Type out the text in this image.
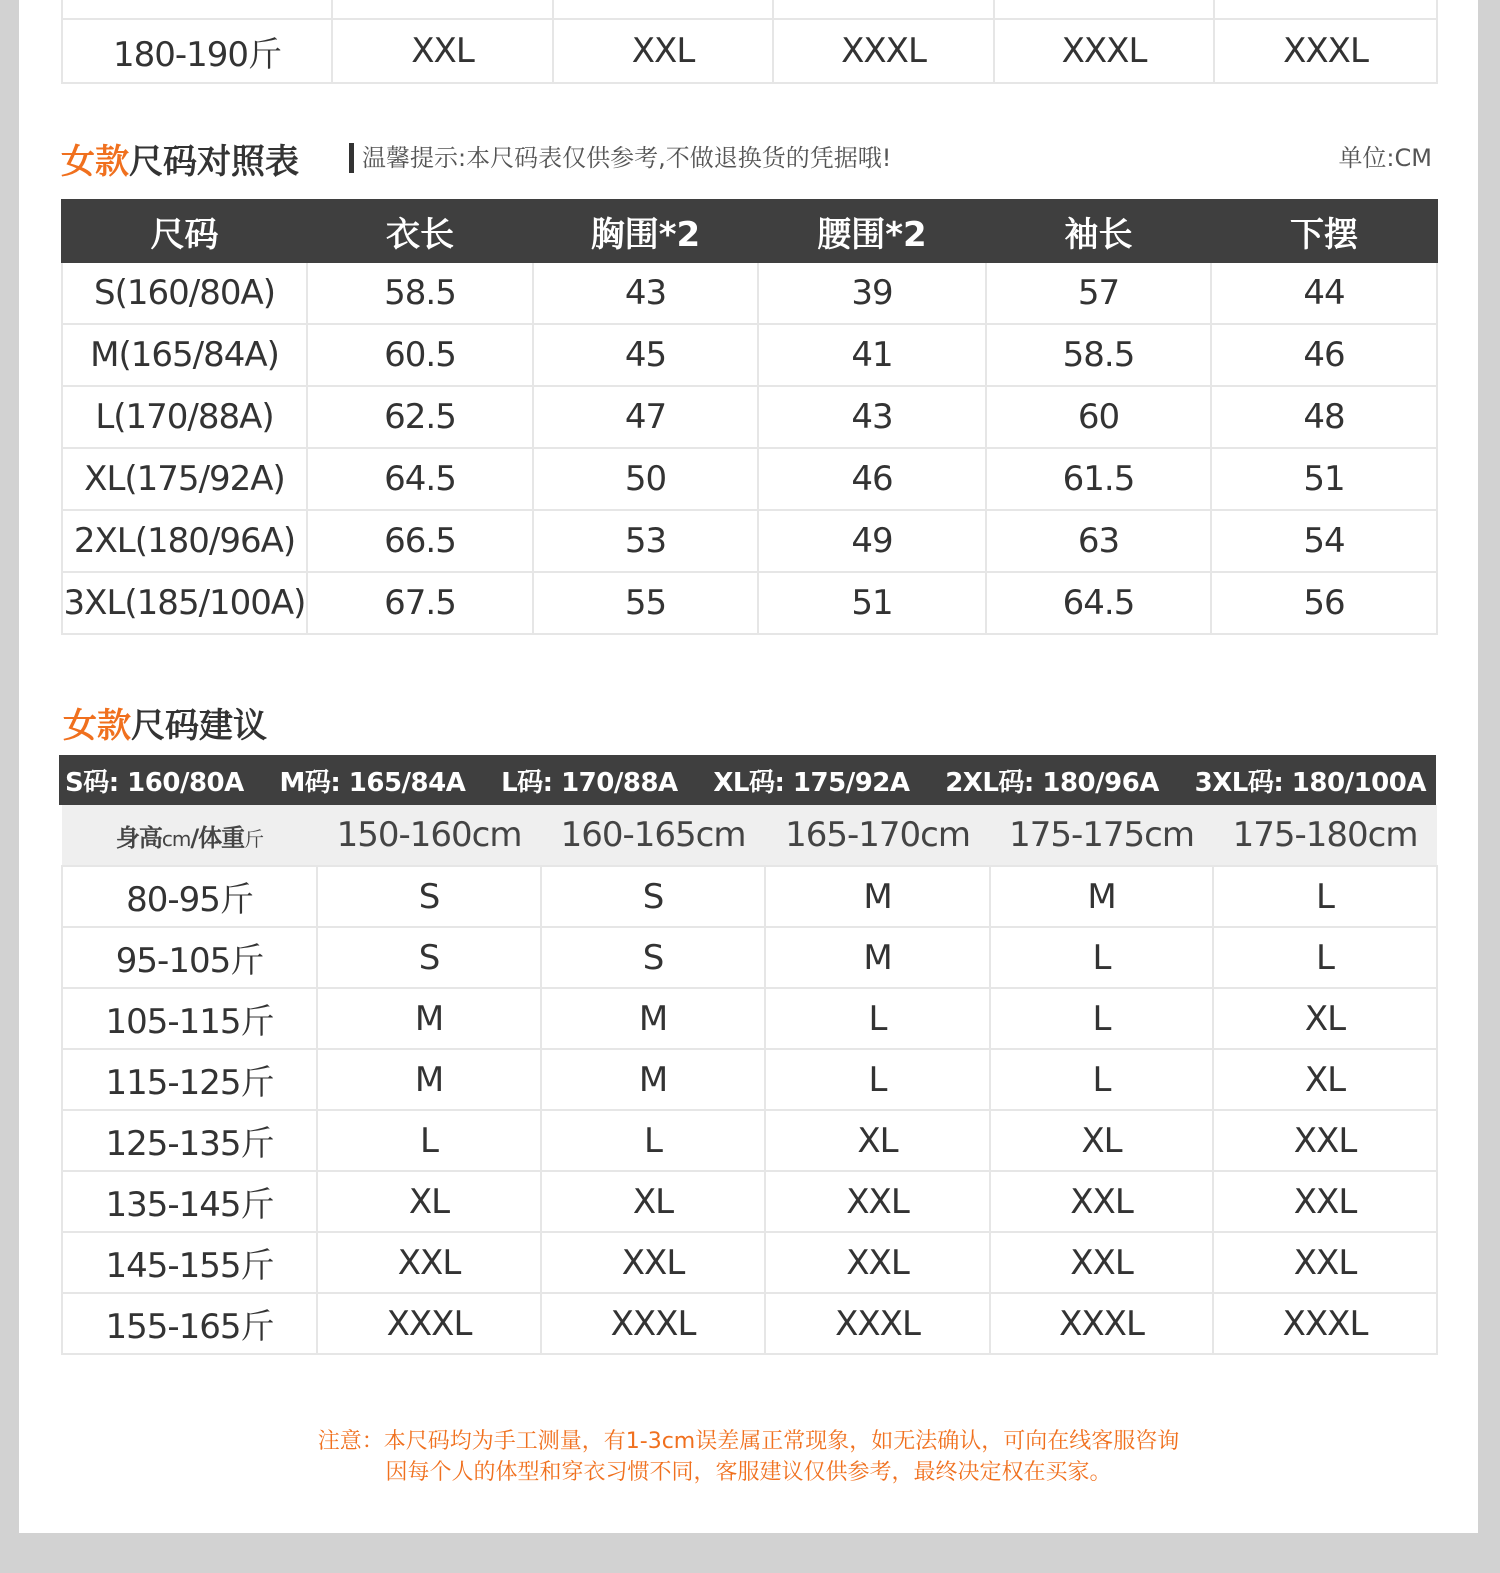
180-190斤	XXL	XXL	XXXL	XXXL	XXXL
女款尺码对照表	温馨提示:本尺码表仅供参考,不做退换货的凭据哦!	单位:CM
尺码	衣长	胸围*2	腰围*2	袖长	下摆
S(160/80A)	58.5	43	39	57	44
M(165/84A)	60.5	45	41	58.5	46
L(170/88A)	62.5	47	43	60	48
XL(175/92A)	64.5	50	46	61.5	51
2XL(180/96A)	66.5	53	49	63	54
3XL(185/100A)	67.5	55	51	64.5	56
女款尺码建议
S码: 160/80A M码: 165/84A L码: 170/88A XL码: 175/92A 2XL码: 180/96A 3XL码: 180/100A
身高cm/体重斤	150-160cm	160-165cm	165-170cm	175-175cm	175-180cm
80-95斤	S	S	M	M	L
95-105斤	S	S	M	L	L
105-115斤	M	M	L	L	XL
115-125斤	M	M	L	L	XL
125-135斤	L	L	XL	XL	XXL
135-145斤	XL	XL	XXL	XXL	XXL
145-155斤	XXL	XXL	XXL	XXL	XXL
155-165斤	XXXL	XXXL	XXXL	XXXL	XXXL
注意：本尺码均为手工测量，有1-3cm误差属正常现象，如无法确认，可向在线客服咨询
因每个人的体型和穿衣习惯不同，客服建议仅供参考，最终决定权在买家。
